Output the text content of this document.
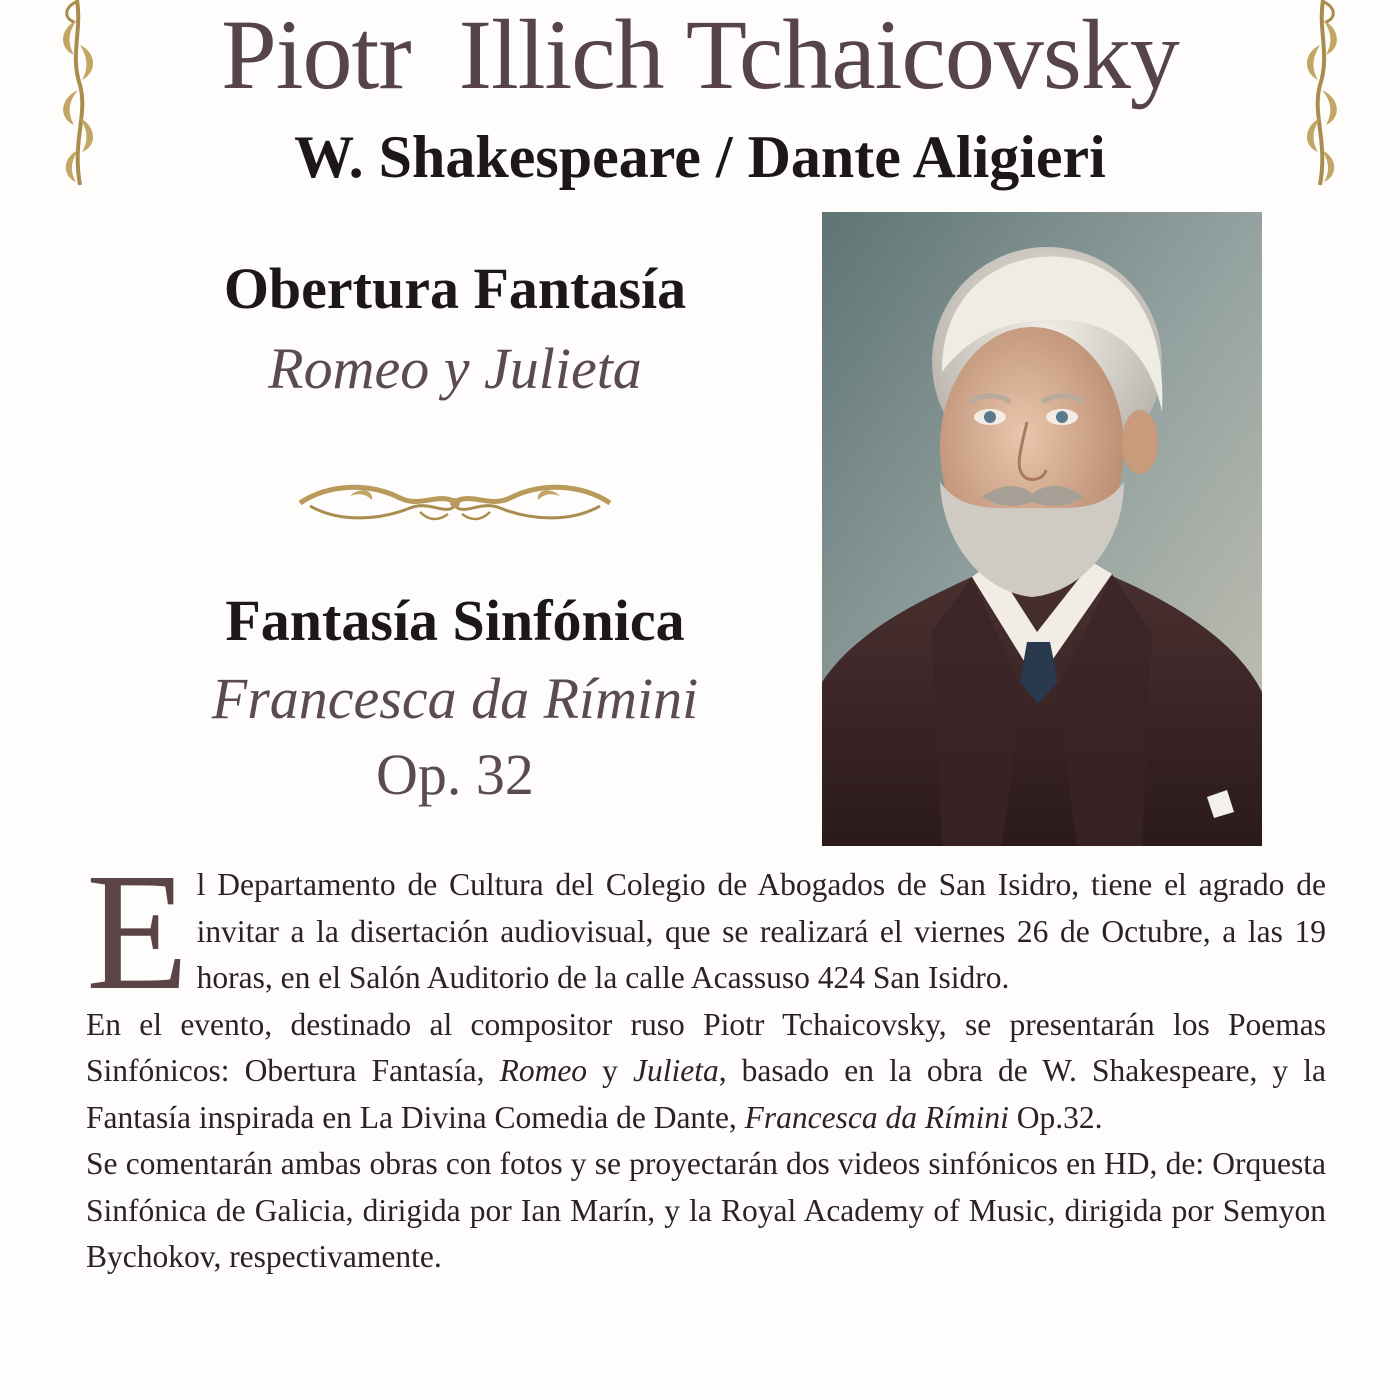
Piotr  Illich Tchaicovsky
W. Shakespeare / Dante Aligieri
Obertura Fantasía
Romeo y Julieta
Fantasía Sinfónica
Francesca da Rímini
Op. 32
E l Departamento de Cultura del Colegio de Abogados de San Isidro, tiene el agrado de invitar a la disertación audiovisual, que se realizará el viernes 26 de Octubre, a las 19 horas, en el Salón Auditorio de la calle Acassuso 424 San Isidro.

En el evento, destinado al compositor ruso Piotr Tchaicovsky, se presentarán los Poemas Sinfónicos: Obertura Fantasía, Romeo y Julieta, basado en la obra de W. Shakespeare, y la Fantasía inspirada en La Divina Comedia de Dante, Francesca da Rímini Op.32.

Se comentarán ambas obras con fotos y se proyectarán dos videos sinfónicos en HD, de: Orquesta Sinfónica de Galicia, dirigida por Ian Marín, y la Royal Academy of Music, dirigida por Semyon Bychokov, respectivamente.
